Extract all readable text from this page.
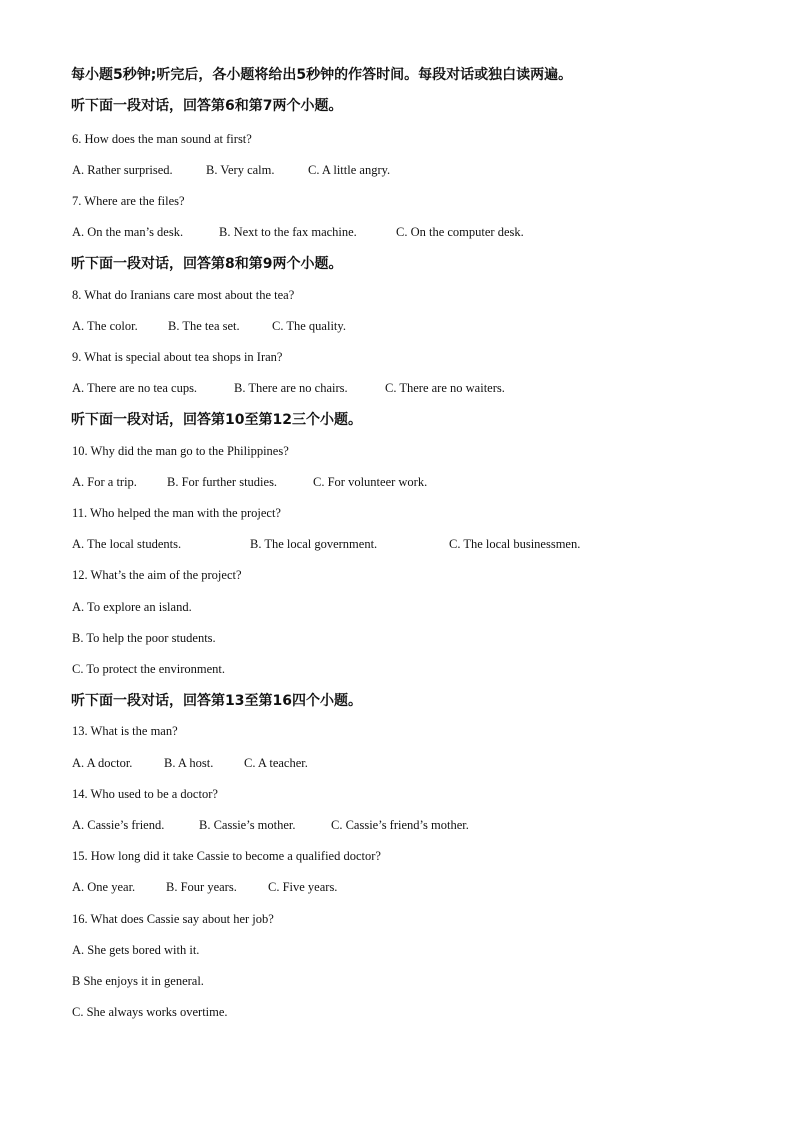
每小题5秒钟;听完后，各小题将给出5秒钟的作答时间。每段对话或独白读两遍。
听下面一段对话，回答第6和第7两个小题。
6. How does the man sound at first?

A. Rather surprised.

	B. Very calm.

	C. A little angry.

7. Where are the files?

A. On the man’s desk.

	B. Next to the fax machine.

	C. On the computer desk.

听下面一段对话，回答第8和第9两个小题。
8. What do Iranians care most about the tea?

A. The color.

B. The tea set.

	C. The quality.

9. What is special about tea shops in Iran?

A. There are no tea cups.

	B. There are no chairs.

	C. There are no waiters.

听下面一段对话，回答第10至第12三个小题。
10. Why did the man go to the Philippines?

A. For a trip.

B. For further studies.

	C. For volunteer work.

11. Who helped the man with the project?

A. The local students.

	B. The local government.

	C. The local businessmen.

12. What’s the aim of the project?
A. To explore an island.
B. To help the poor students.
C. To protect the environment.
听下面一段对话，回答第13至第16四个小题。
13. What is the man?

A. A doctor.

	B. A host.

C. A teacher.

14. Who used to be a doctor?

A. Cassie’s friend.

	B. Cassie’s mother.

	C. Cassie’s friend’s mother.

15. How long did it take Cassie to become a qualified doctor?

A. One year.

B. Four years.

C. Five years.

16. What does Cassie say about her job?
A. She gets bored with it.
B She enjoys it in general.
C. She always works overtime.
